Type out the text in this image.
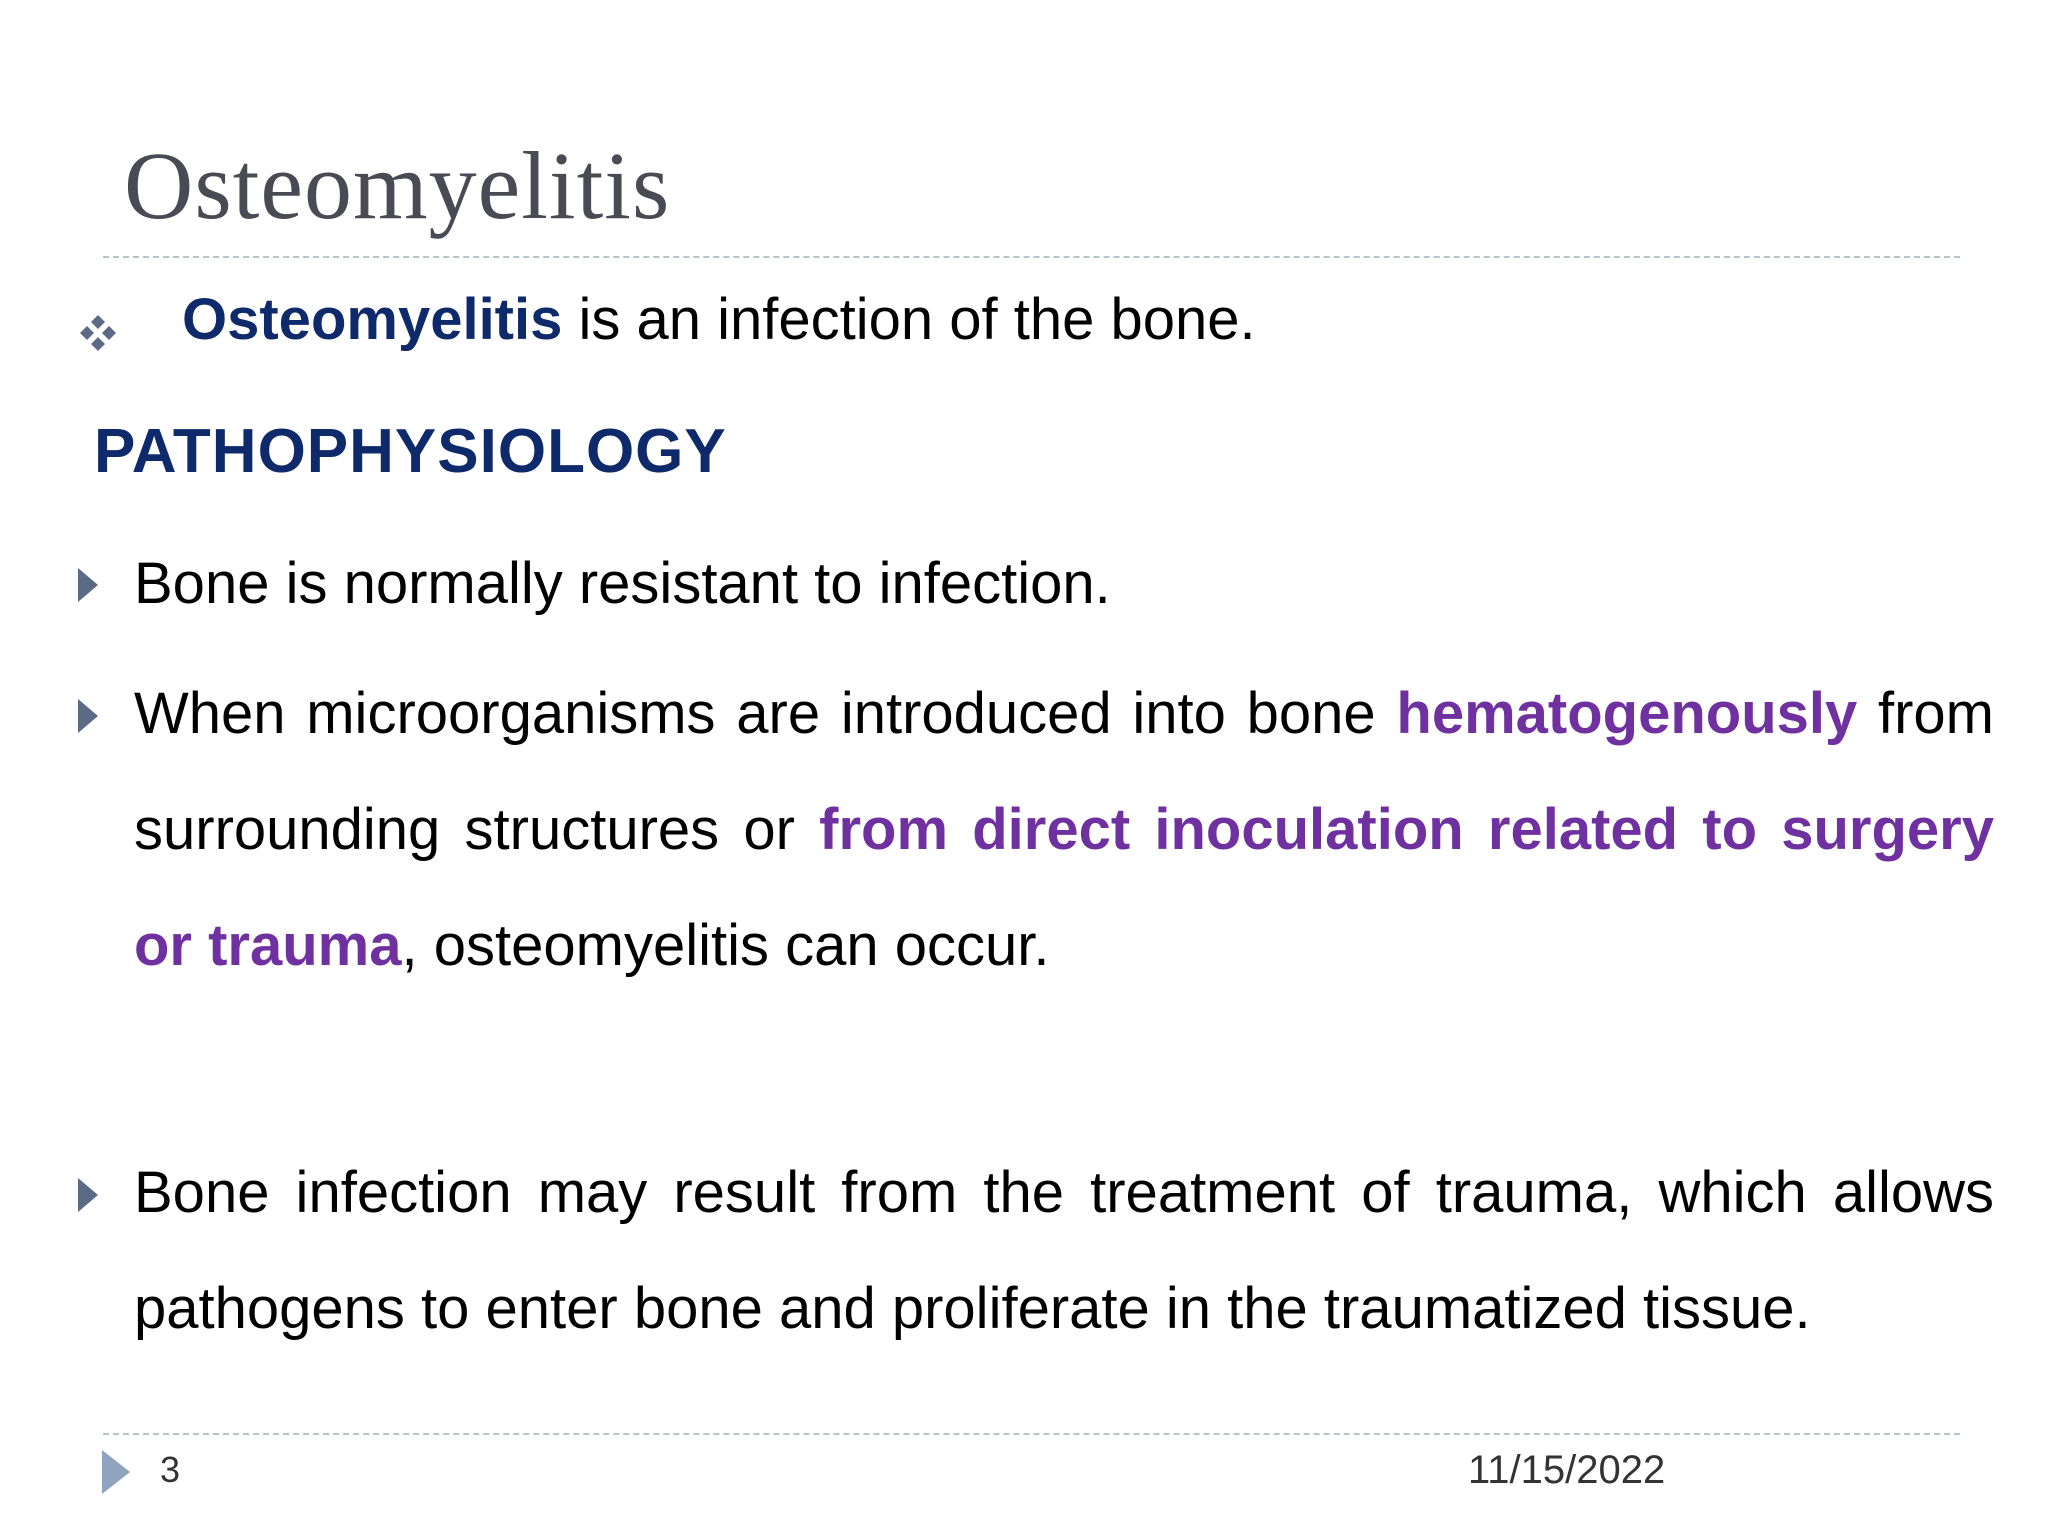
Osteomyelitis
Osteomyelitis is an infection of the bone.
PATHOPHYSIOLOGY

Bone is normally resistant to infection.

When microorganisms are introduced into bone hematogenously from surrounding structures or from direct inoculation related to surgery or trauma, osteomyelitis can occur.

Bone infection may result from the treatment of trauma, which allows pathogens to enter bone and proliferate in the traumatized tissue.

3	11/15/2022
